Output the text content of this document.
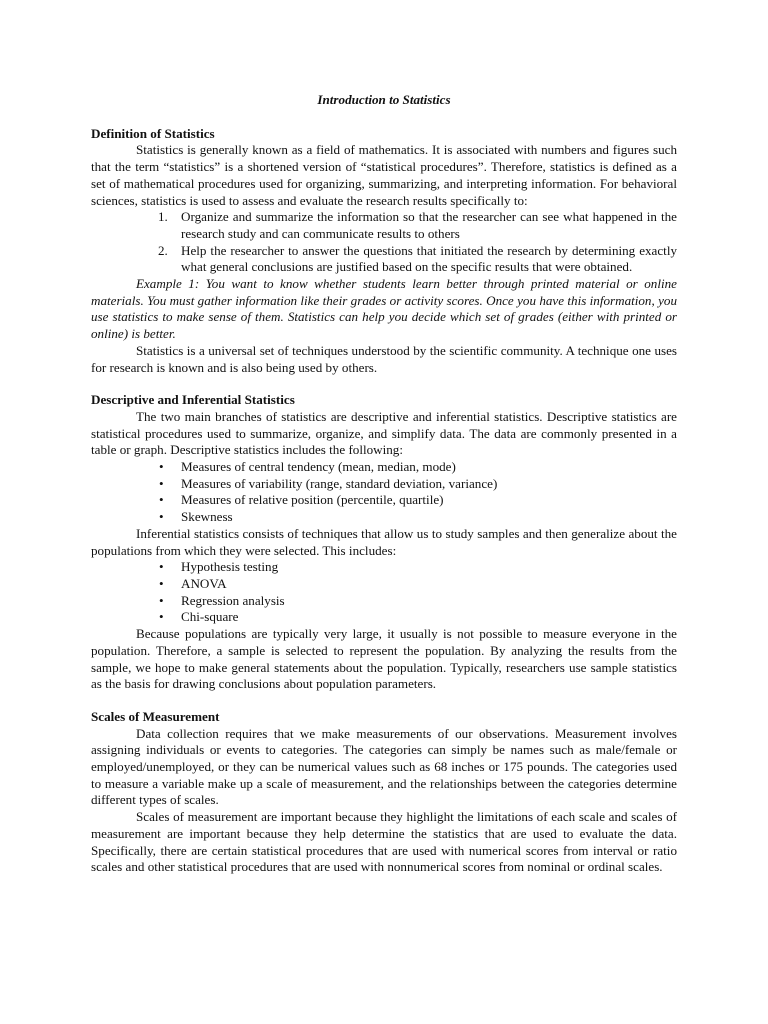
Introduction to Statistics
Definition of Statistics

Statistics is generally known as a field of mathematics. It is associated with numbers and figures such that the term “statistics” is a shortened version of “statistical procedures”. Therefore, statistics is defined as a set of mathematical procedures used for organizing, summarizing, and interpreting information. For behavioral sciences, statistics is used to assess and evaluate the research results specifically to:

1.	Organize and summarize the information so that the researcher can see what happened in the research study and can communicate results to others
2.	Help the researcher to answer the questions that initiated the research by determining exactly what general conclusions are justified based on the specific results that were obtained.

Example 1: You want to know whether students learn better through printed material or online materials. You must gather information like their grades or activity scores. Once you have this information, you use statistics to make sense of them. Statistics can help you decide which set of grades (either with printed or online) is better.

Statistics is a universal set of techniques understood by the scientific community. A technique one uses for research is known and is also being used by others.

Descriptive and Inferential Statistics

The two main branches of statistics are descriptive and inferential statistics. Descriptive statistics are statistical procedures used to summarize, organize, and simplify data. The data are commonly presented in a table or graph. Descriptive statistics includes the following:

• Measures of central tendency (mean, median, mode)
• Measures of variability (range, standard deviation, variance)
• Measures of relative position (percentile, quartile)
• Skewness

Inferential statistics consists of techniques that allow us to study samples and then generalize about the populations from which they were selected. This includes:

• Hypothesis testing
• ANOVA
• Regression analysis
• Chi-square

Because populations are typically very large, it usually is not possible to measure everyone in the population. Therefore, a sample is selected to represent the population. By analyzing the results from the sample, we hope to make general statements about the population. Typically, researchers use sample statistics as the basis for drawing conclusions about population parameters.

Scales of Measurement

Data collection requires that we make measurements of our observations. Measurement involves assigning individuals or events to categories. The categories can simply be names such as male/female or employed/unemployed, or they can be numerical values such as 68 inches or 175 pounds. The categories used to measure a variable make up a scale of measurement, and the relationships between the categories determine different types of scales.

Scales of measurement are important because they highlight the limitations of each scale and scales of measurement are important because they help determine the statistics that are used to evaluate the data. Specifically, there are certain statistical procedures that are used with numerical scores from interval or ratio scales and other statistical procedures that are used with nonnumerical scores from nominal or ordinal scales.
